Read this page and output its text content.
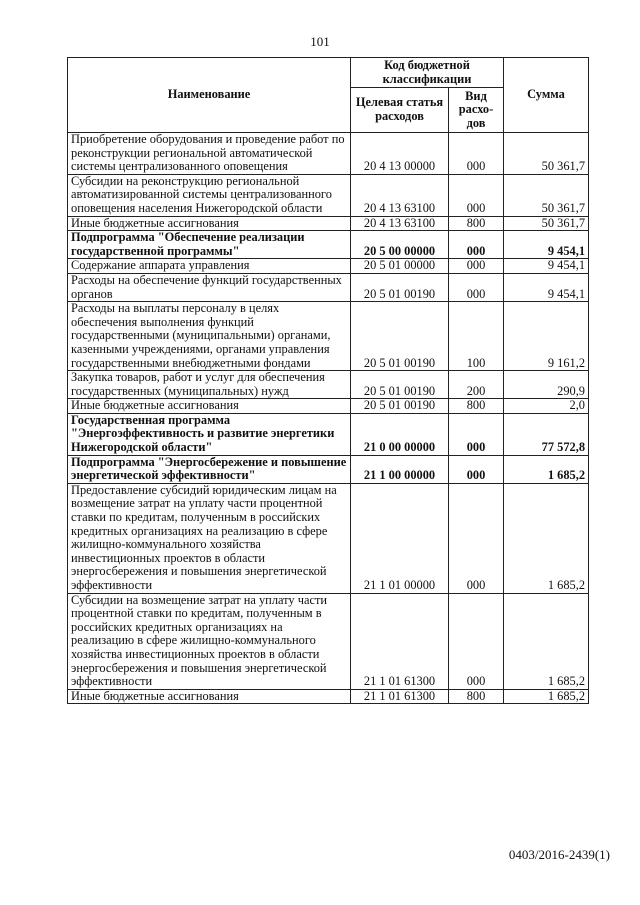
101
Наименование	Код бюджетной классификации		Сумма
	Целевая статья расходов	Вид расхо-дов	
Приобретение оборудования и проведение работ по реконструкции региональной автоматической системы централизованного оповещения	20 4 13 00000	000	50 361,7
Субсидии на реконструкцию региональной автоматизированной системы централизованного оповещения населения Нижегородской области	20 4 13 63100	000	50 361,7
Иные бюджетные ассигнования	20 4 13 63100	800	50 361,7
Подпрограмма "Обеспечение реализации государственной программы"	20 5 00 00000	000	9 454,1
Содержание аппарата управления	20 5 01 00000	000	9 454,1
Расходы на обеспечение функций государственных органов	20 5 01 00190	000	9 454,1
Расходы на выплаты персоналу в целях обеспечения выполнения функций государственными (муниципальными) органами, казенными учреждениями, органами управления государственными внебюджетными фондами	20 5 01 00190	100	9 161,2
Закупка товаров, работ и услуг для обеспечения государственных (муниципальных) нужд	20 5 01 00190	200	290,9
Иные бюджетные ассигнования	20 5 01 00190	800	2,0
Государственная программа "Энергоэффективность и развитие энергетики Нижегородской области"	21 0 00 00000	000	77 572,8
Подпрограмма "Энергосбережение и повышение энергетической эффективности"	21 1 00 00000	000	1 685,2
Предоставление субсидий юридическим лицам на возмещение затрат на уплату части процентной ставки по кредитам, полученным в российских кредитных организациях на реализацию в сфере жилищно-коммунального хозяйства инвестиционных проектов в области энергосбережения и повышения энергетической эффективности	21 1 01 00000	000	1 685,2
Субсидии на возмещение затрат на уплату части процентной ставки по кредитам, полученным в российских кредитных организациях на реализацию в сфере жилищно-коммунального хозяйства инвестиционных проектов в области энергосбережения и повышения энергетической эффективности	21 1 01 61300	000	1 685,2
Иные бюджетные ассигнования	21 1 01 61300	800	1 685,2
0403/2016-2439(1)
